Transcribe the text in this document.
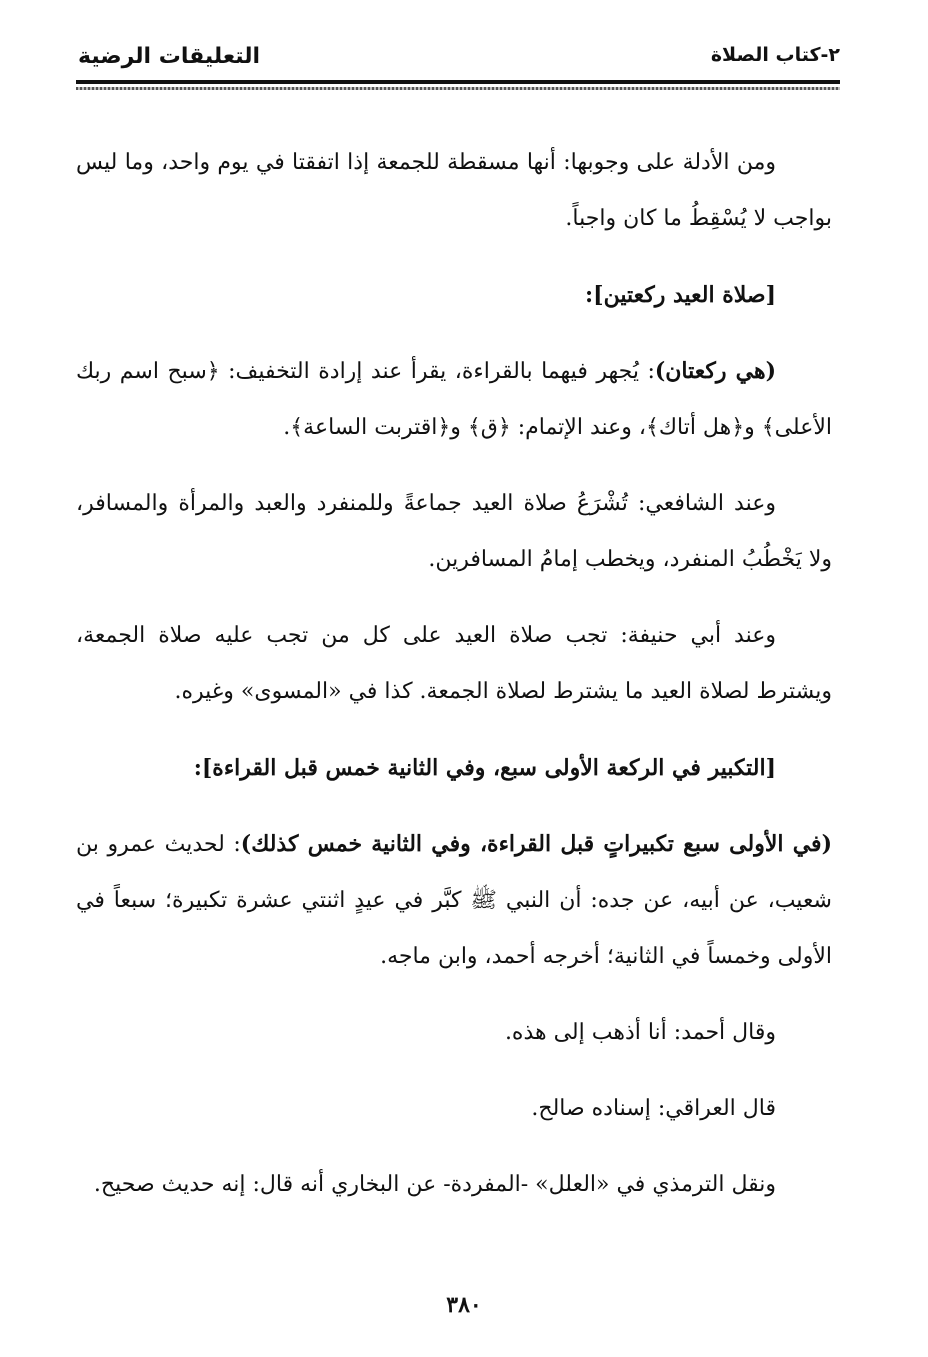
٢-كتاب الصلاة
التعليقات الرضية

ومن الأدلة على وجوبها: أنها مسقطة للجمعة إذا اتفقتا في يوم واحد، وما ليس بواجب لا يُسْقِطُ ما كان واجباً.

[صلاة العيد ركعتين]:

(هي ركعتان): يُجهر فيهما بالقراءة، يقرأ عند إرادة التخفيف: ﴿سبح اسم ربك الأعلى﴾ و﴿هل أتاك﴾، وعند الإتمام: ﴿ق﴾ و﴿اقتربت الساعة﴾.

وعند الشافعي: تُشْرَعُ صلاة العيد جماعةً وللمنفرد والعبد والمرأة والمسافر، ولا يَخْطُبُ المنفرد، ويخطب إمامُ المسافرين.

وعند أبي حنيفة: تجب صلاة العيد على كل من تجب عليه صلاة الجمعة، ويشترط لصلاة العيد ما يشترط لصلاة الجمعة. كذا في «المسوى» وغيره.

[التكبير في الركعة الأولى سبع، وفي الثانية خمس قبل القراءة]:

(في الأولى سبع تكبيراتٍ قبل القراءة، وفي الثانية خمس كذلك): لحديث عمرو بن شعيب، عن أبيه، عن جده: أن النبي ﷺ كبَّر في عيدٍ اثنتي عشرة تكبيرة؛ سبعاً في الأولى وخمساً في الثانية؛ أخرجه أحمد، وابن ماجه.

وقال أحمد: أنا أذهب إلى هذه.

قال العراقي: إسناده صالح.

ونقل الترمذي في «العلل» -المفردة- عن البخاري أنه قال: إنه حديث صحيح.

٣٨٠
